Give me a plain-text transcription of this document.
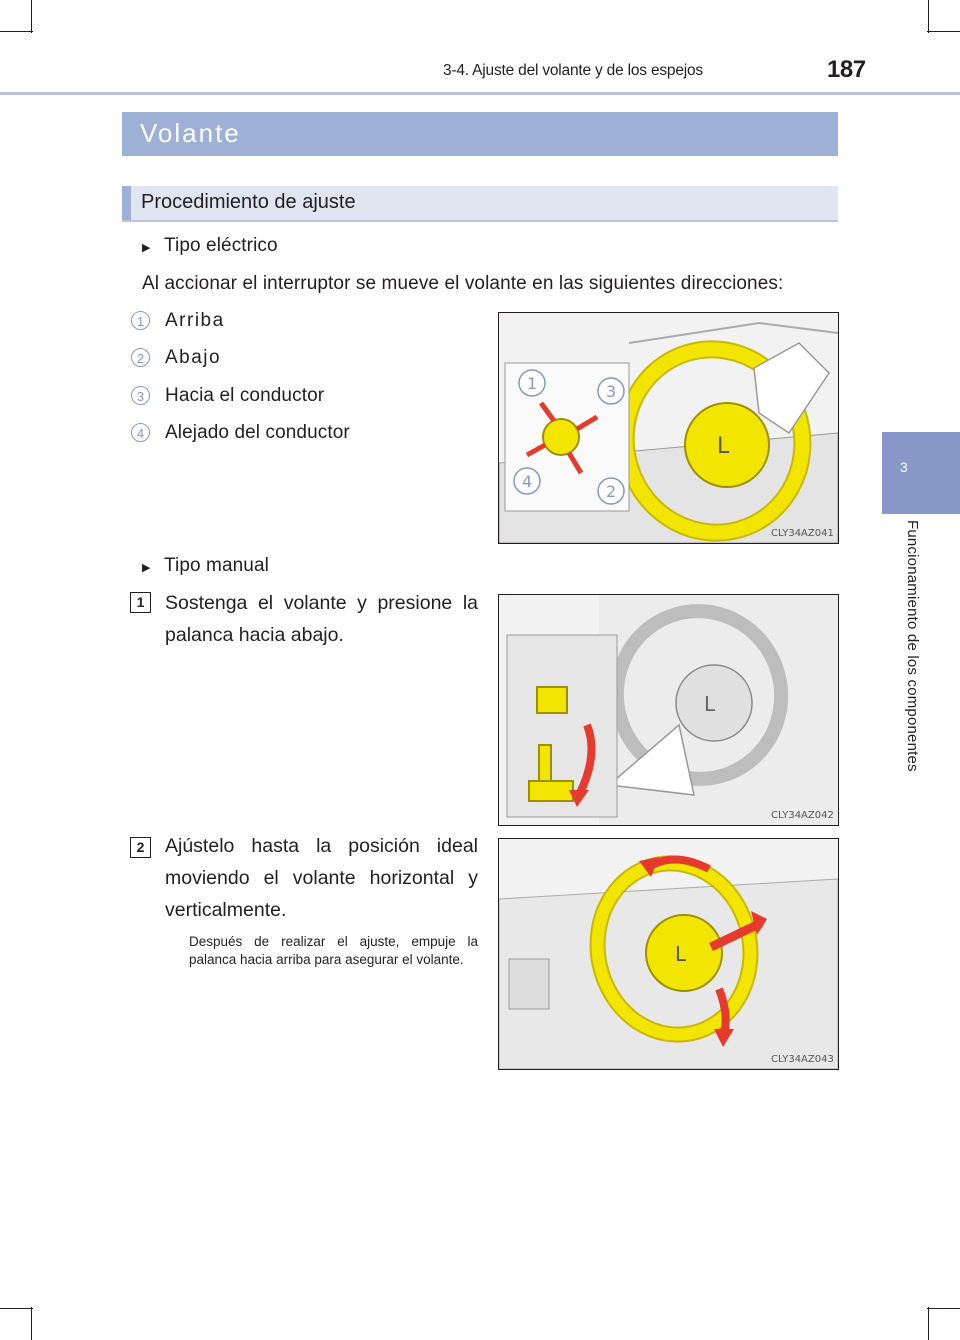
3-4. Ajuste del volante y de los espejos	187
3
Funcionamiento de los componentes
Volante
Procedimiento de ajuste
▶ Tipo eléctrico
Al accionar el interruptor se mueve el volante en las siguientes direcciones:
1	Arriba
2	Abajo
3	Hacia el conductor
4	Alejado del conductor
L
1	3
4
2
CLY34AZ041
▶ Tipo manual
1	Sostenga el volante y presione la palanca hacia abajo.
L
CLY34AZ042
2	Ajústelo hasta la posición ideal moviendo el volante horizontal y verticalmente.
Después de realizar el ajuste, empuje la palanca hacia arriba para asegurar el volante.	L
CLY34AZ043
